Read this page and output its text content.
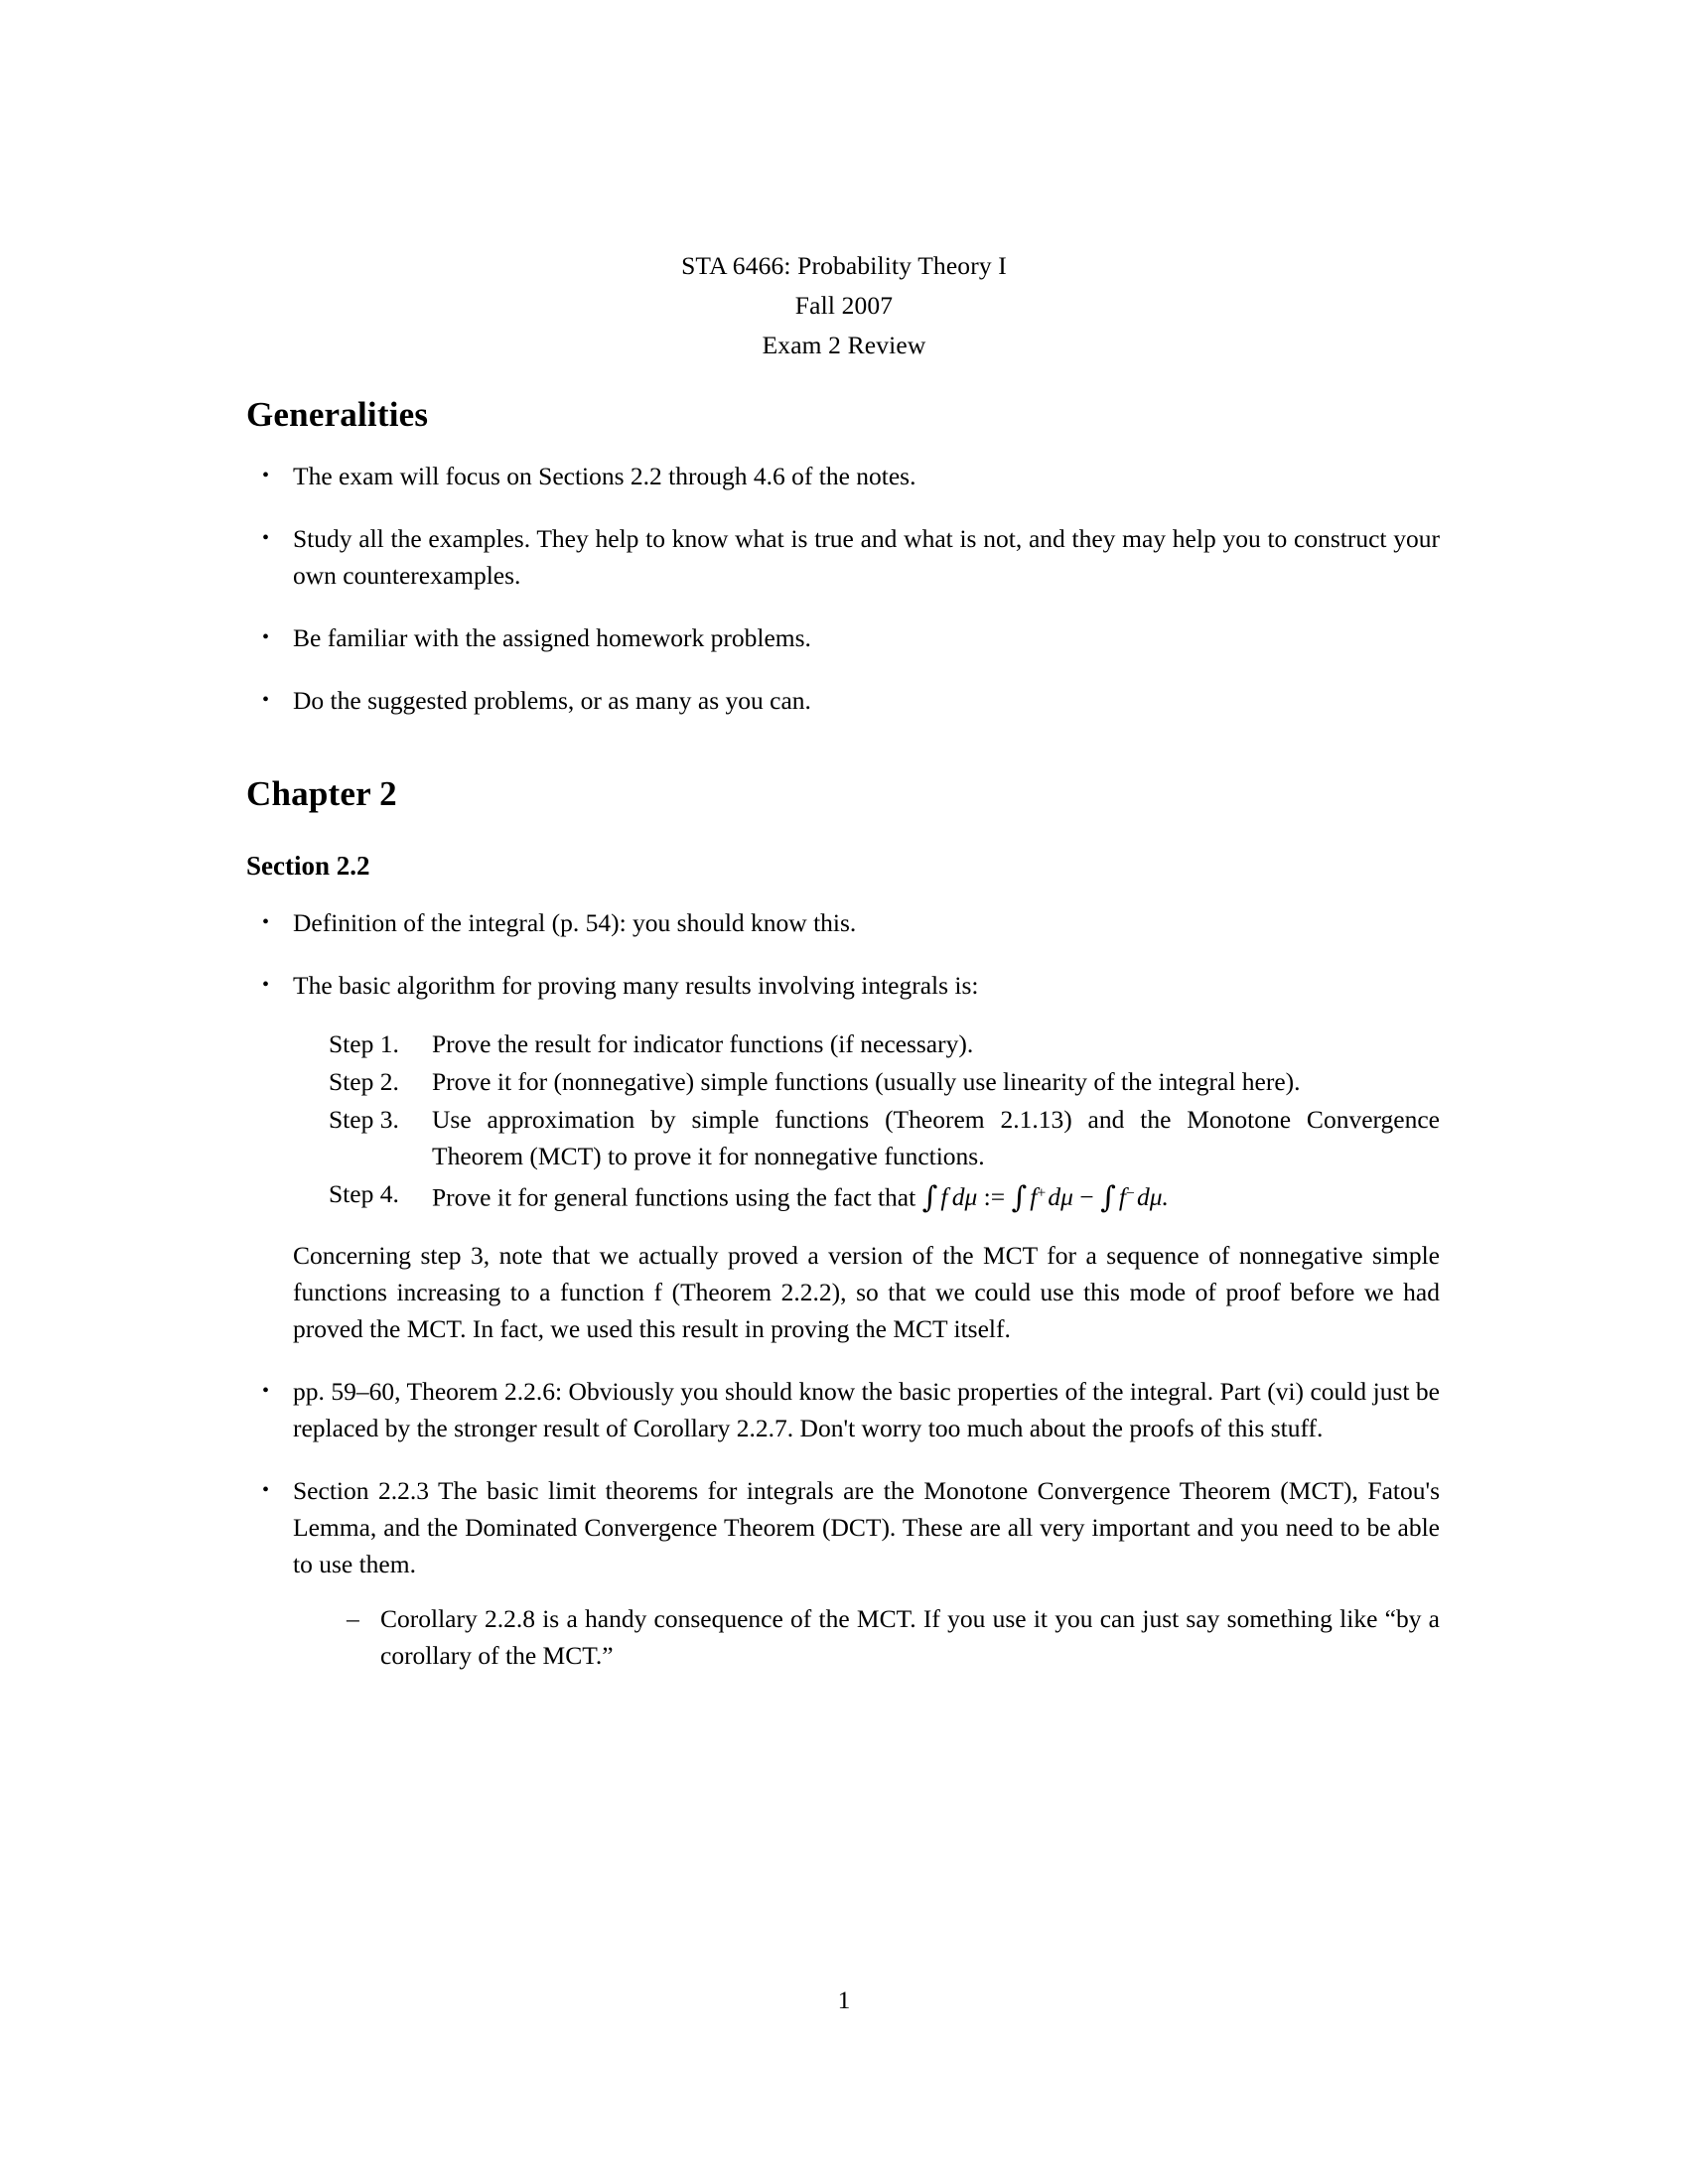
STA 6466: Probability Theory I
Fall 2007
Exam 2 Review
Generalities
• The exam will focus on Sections 2.2 through 4.6 of the notes.
• Study all the examples. They help to know what is true and what is not, and they may help you to construct your own counterexamples.
• Be familiar with the assigned homework problems.
• Do the suggested problems, or as many as you can.
Chapter 2
Section 2.2
• Definition of the integral (p. 54): you should know this.
• The basic algorithm for proving many results involving integrals is:
Step 1.	Prove the result for indicator functions (if necessary).
Step 2.	Prove it for (nonnegative) simple functions (usually use linearity of the integral here).
Step 3.	Use approximation by simple functions (Theorem 2.1.13) and the Monotone Convergence Theorem (MCT) to prove it for nonnegative functions.
Step 4.	Prove it for general functions using the fact that ∫ f  dμ := ∫ f+ dμ − ∫ f− dμ.
Concerning step 3, note that we actually proved a version of the MCT for a sequence of nonnegative simple functions increasing to a function f (Theorem 2.2.2), so that we could use this mode of proof before we had proved the MCT. In fact, we used this result in proving the MCT itself.
• pp. 59–60, Theorem 2.2.6: Obviously you should know the basic properties of the integral. Part (vi) could just be replaced by the stronger result of Corollary 2.2.7. Don't worry too much about the proofs of this stuff.
• Section 2.2.3 The basic limit theorems for integrals are the Monotone Convergence Theorem (MCT), Fatou's Lemma, and the Dominated Convergence Theorem (DCT). These are all very important and you need to be able to use them.
– Corollary 2.2.8 is a handy consequence of the MCT. If you use it you can just say something like “by a corollary of the MCT.”
1
